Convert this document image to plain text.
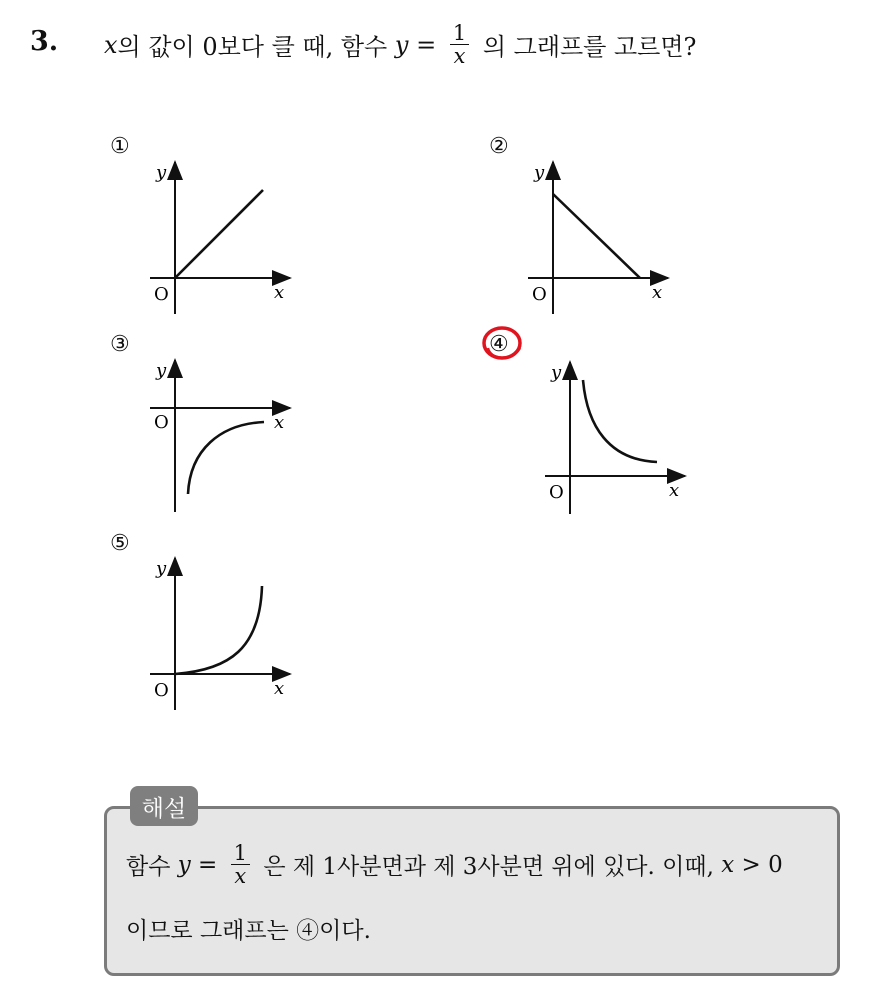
3. x 의 값이 0보다 클 때, 함수 $y = \frac{1}{x}$ 의 그래프를 고르면?
①	②
③	④
⑤
y
x
O
y
x
O
y
x
O
y
x
O
y
x
O
해설
함수 $y = \frac{1}{x}$ 은 제 1사분면과 제 3사분면 위에 있다. 이때, x > 0
이므로 그래프는 ④이다.
